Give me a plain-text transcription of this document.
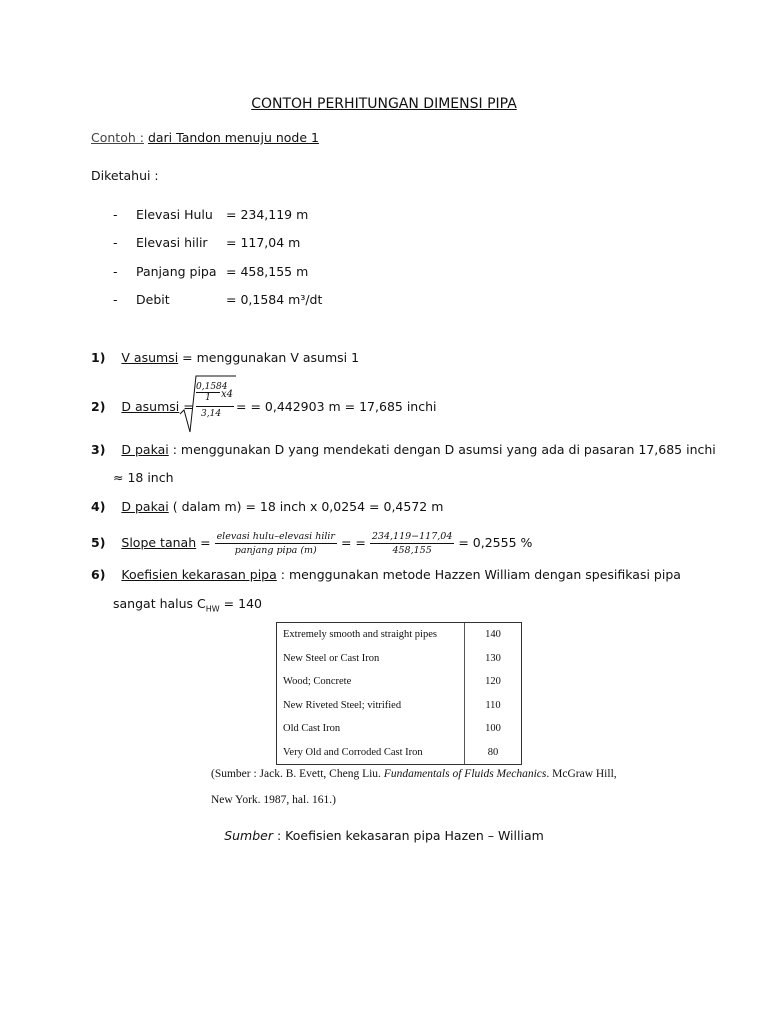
CONTOH PERHITUNGAN DIMENSI PIPA
Contoh : dari Tandon menuju node 1
Diketahui :
- Elevasi Hulu = 234,119 m
- Elevasi hilir = 117,04 m
- Panjang pipa = 458,155 m
- Debit	= 0,1584 m³/dt
1) V asumsi = menggunakan V asumsi 1
2) D asumsi =
0,1584
1	x4
3,14 = = 0,442903 m = 17,685 inchi
3) D pakai : menggunakan D yang mendekati dengan D asumsi yang ada di pasaran 17,685 inchi
≈ 18 inch
4) D pakai ( dalam m) = 18 inch x 0,0254 = 0,4572 m
5) Slope tanah = $\frac{\text{elevasi hulu–elevasi hilir}}{\text{panjang pipa (m)}}$ = = $\frac{234,119-117,04}{458,155} = 0,2555$ %
6) Koefisien kekarasan pipa : menggunakan metode Hazzen William dengan spesifikasi pipa
sangat halus $C_{HW} = 140$
Extremely smooth and straight pipes	140
New Steel or Cast Iron	130
Wood; Concrete	120
New Riveted Steel; vitrified	110
Old Cast Iron	100
Very Old and Corroded Cast Iron	80
(Sumber : Jack. B. Evett, Cheng Liu. Fundamentals of Fluids Mechanics. McGraw Hill,
New York. 1987, hal. 161.)
Sumber : Koefisien kekasaran pipa Hazen – William
